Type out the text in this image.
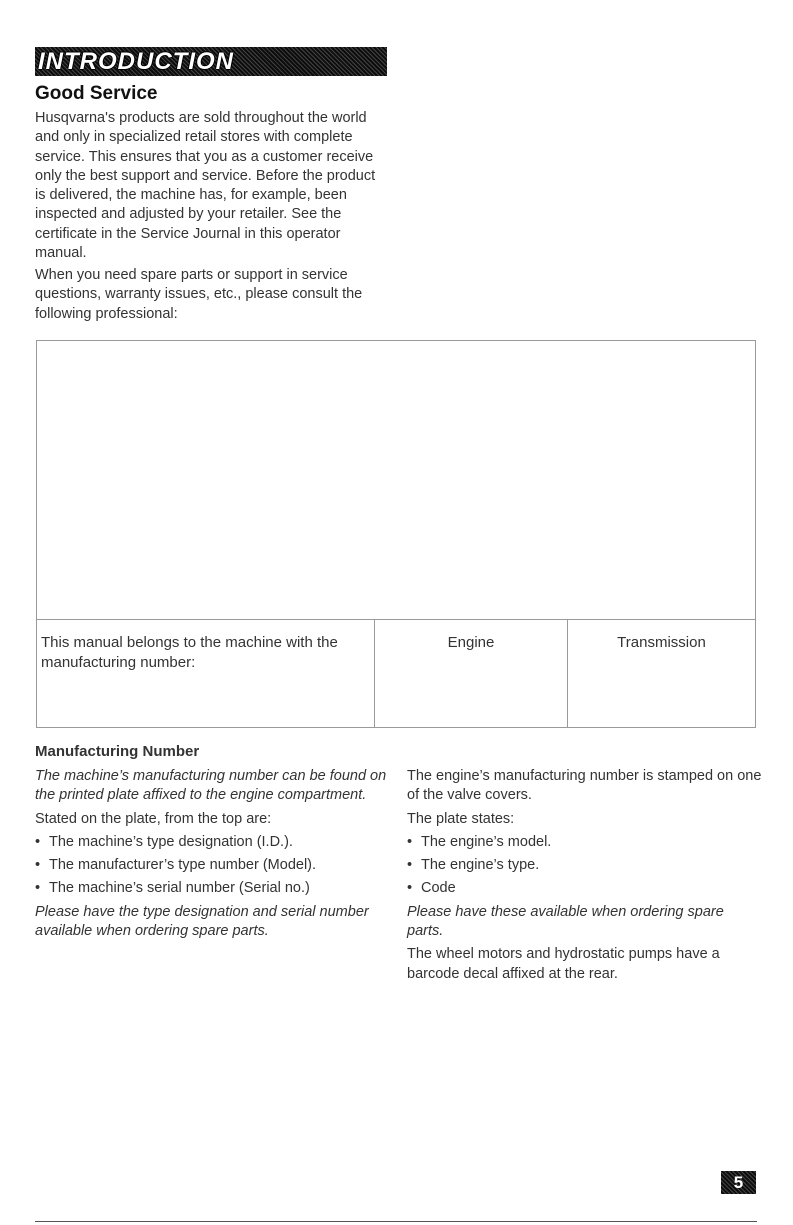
INTRODUCTION
Good Service
Husqvarna's products are sold throughout the world and only in specialized retail stores with complete service. This ensures that you as a customer receive only the best support and service. Before the product is delivered, the machine has, for example, been inspected and adjusted by your retailer. See the certificate in the Service Journal in this operator manual.
When you need spare parts or support in service questions, warranty issues, etc., please consult the following professional:
This manual belongs to the machine with the manufacturing number:
Engine	Transmission
Manufacturing Number

The machine’s manufacturing number can be found on the printed plate affixed to the engine compartment.

Stated on the plate, from the top are:

• The machine’s type designation (I.D.).
• The manufacturer’s type number (Model).
• The machine’s serial number (Serial no.)

Please have the type designation and serial number available when ordering spare parts.

The engine’s manufacturing number is stamped on one of the valve covers.

The plate states:

• The engine’s model.
• The engine’s type.
• Code

Please have these available when ordering spare parts.

The wheel motors and hydrostatic pumps have a barcode decal affixed at the rear.

5
